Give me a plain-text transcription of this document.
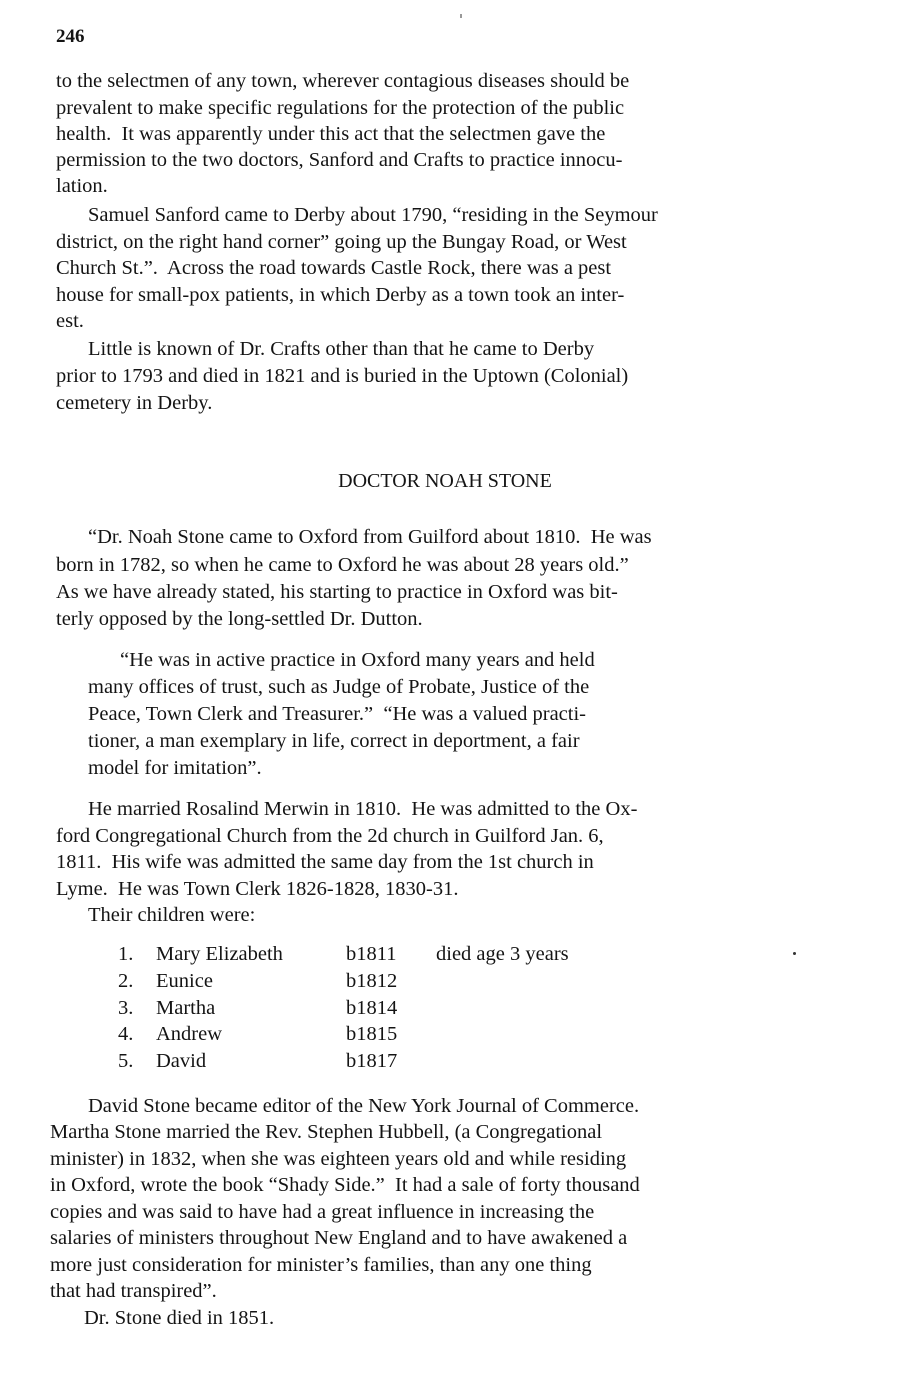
246
to the selectmen of any town, wherever contagious diseases should be
prevalent to make specific regulations for the protection of the public
health.  It was apparently under this act that the selectmen gave the
permission to the two doctors, Sanford and Crafts to practice innocu-
lation.
Samuel Sanford came to Derby about 1790, “residing in the Seymour
district, on the right hand corner” going up the Bungay Road, or West
Church St.”.  Across the road towards Castle Rock, there was a pest
house for small-pox patients, in which Derby as a town took an inter-
est.
Little is known of Dr. Crafts other than that he came to Derby
prior to 1793 and died in 1821 and is buried in the Uptown (Colonial)
cemetery in Derby.
DOCTOR NOAH STONE
“Dr. Noah Stone came to Oxford from Guilford about 1810.  He was
born in 1782, so when he came to Oxford he was about 28 years old.”
As we have already stated, his starting to practice in Oxford was bit-
terly opposed by the long-settled Dr. Dutton.
“He was in active practice in Oxford many years and held
many offices of trust, such as Judge of Probate, Justice of the
Peace, Town Clerk and Treasurer.”  “He was a valued practi-
tioner, a man exemplary in life, correct in deportment, a fair
model for imitation”.
He married Rosalind Merwin in 1810.  He was admitted to the Ox-
ford Congregational Church from the 2d church in Guilford Jan. 6,
1811.  His wife was admitted the same day from the 1st church in
Lyme.  He was Town Clerk 1826-1828, 1830-31.
Their children were:
1.	Mary Elizabeth	b1811	died age 3 years
2.	Eunice	b1812	
3.	Martha	b1814	
4.	Andrew	b1815	
5.	David	b1817	
David Stone became editor of the New York Journal of Commerce.
Martha Stone married the Rev. Stephen Hubbell, (a Congregational
minister) in 1832, when she was eighteen years old and while residing
in Oxford, wrote the book “Shady Side.”  It had a sale of forty thousand
copies and was said to have had a great influence in increasing the
salaries of ministers throughout New England and to have awakened a
more just consideration for minister’s families, than any one thing
that had transpired”.
Dr. Stone died in 1851.
